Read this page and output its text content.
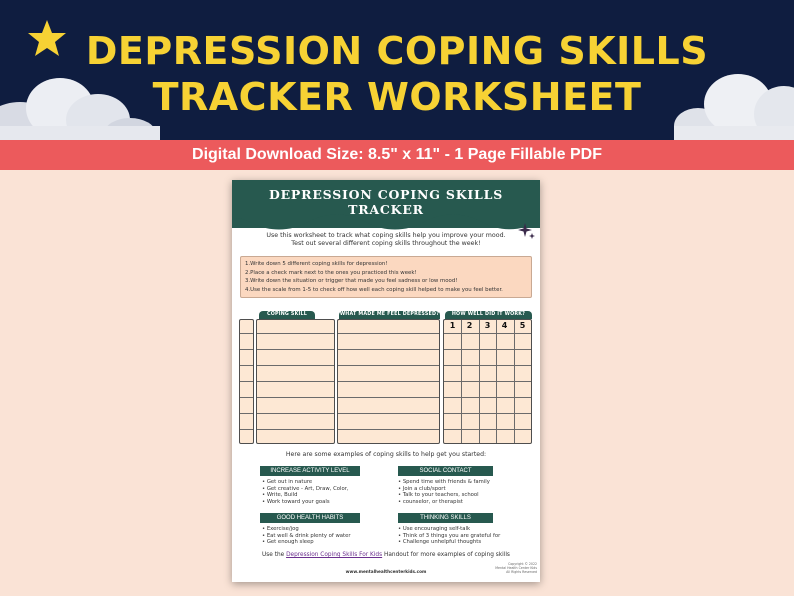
DEPRESSION COPING SKILLS
TRACKER WORKSHEET
Digital Download Size: 8.5" x 11" - 1 Page Fillable PDF
DEPRESSION COPING SKILLS TRACKER
Use this worksheet to track what coping skills help you improve your mood.
Test out several different coping skills throughout the week!
1.Write down 5 different coping skills for depression!
2.Place a check mark next to the ones you practiced this week!
3.Write down the situation or trigger that made you feel sadness or low mood!
4.Use the scale from 1-5 to check off how well each coping skill helped to make you feel better.
COPING SKILL	WHAT MADE ME FEEL DEPRESSED?	HOW WELL DID IT WORK?
1	2	3	4	5
Here are some examples of coping skills to help get you started:
INCREASE ACTIVITY LEVEL
• Get out in nature
• Get creative - Art, Draw, Color,
• Write, Build
• Work toward your goals
SOCIAL CONTACT
• Spend time with friends & family
• Join a club/sport
• Talk to your teachers, school
• counselor, or therapist
GOOD HEALTH HABITS
• Exercise/jog
• Eat well & drink plenty of water
• Get enough sleep
THINKING SKILLS
• Use encouraging self-talk
• Think of 3 things you are grateful for
• Challenge unhelpful thoughts
Use the Depression Coping Skills For Kids Handout for more examples of coping skills
www.mentalhealthcenterkids.com
Copyright © 2022
Mental Health Center Kids
All Rights Reserved
